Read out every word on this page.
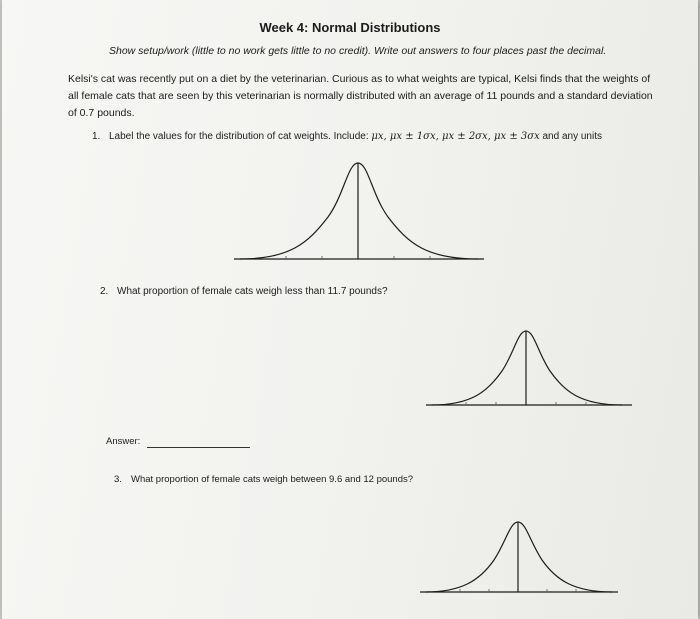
Week 4: Normal Distributions
Show setup/work (little to no work gets little to no credit). Write out answers to four places past the decimal.
Kelsi's cat was recently put on a diet by the veterinarian. Curious as to what weights are typical, Kelsi finds that the weights of all female cats that are seen by this veterinarian is normally distributed with an average of 11 pounds and a standard deviation of 0.7 pounds.
1. Label the values for the distribution of cat weights. Include: μx, μx ± 1σx, μx ± 2σx, μx ± 3σx and any units
2. What proportion of female cats weigh less than 11.7 pounds?
Answer:
3. What proportion of female cats weigh between 9.6 and 12 pounds?
